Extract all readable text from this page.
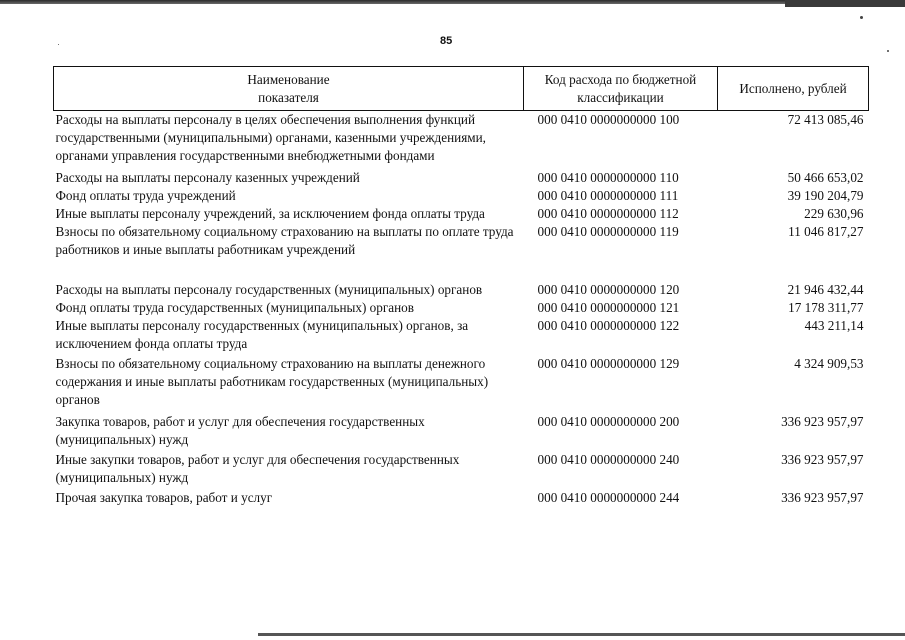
85
Наименование показателя	Код расхода по бюджетной классификации	Исполнено, рублей
Расходы на выплаты персоналу в целях обеспечения выполнения функций государственными (муниципальными) органами, казенными учреждениями, органами управления государственными внебюджетными фондами	000 0410 0000000000 100	72 413 085,46
Расходы на выплаты персоналу казенных учреждений	000 0410 0000000000 110	50 466 653,02
Фонд оплаты труда учреждений	000 0410 0000000000 111	39 190 204,79
Иные выплаты персоналу учреждений, за исключением фонда оплаты труда	000 0410 0000000000 112	229 630,96
Взносы по обязательному социальному страхованию на выплаты по оплате труда работников и иные выплаты работникам учреждений	000 0410 0000000000 119	11 046 817,27

Расходы на выплаты персоналу государственных (муниципальных) органов	000 0410 0000000000 120	21 946 432,44
Фонд оплаты труда государственных (муниципальных) органов	000 0410 0000000000 121	17 178 311,77
Иные выплаты персоналу государственных (муниципальных) органов, за исключением фонда оплаты труда	000 0410 0000000000 122	443 211,14
Взносы по обязательному социальному страхованию на выплаты денежного содержания и иные выплаты работникам государственных (муниципальных) органов	000 0410 0000000000 129	4 324 909,53
Закупка товаров, работ и услуг для обеспечения государственных (муниципальных) нужд	000 0410 0000000000 200	336 923 957,97
Иные закупки товаров, работ и услуг для обеспечения государственных (муниципальных) нужд	000 0410 0000000000 240	336 923 957,97
Прочая закупка товаров, работ и услуг	000 0410 0000000000 244	336 923 957,97
